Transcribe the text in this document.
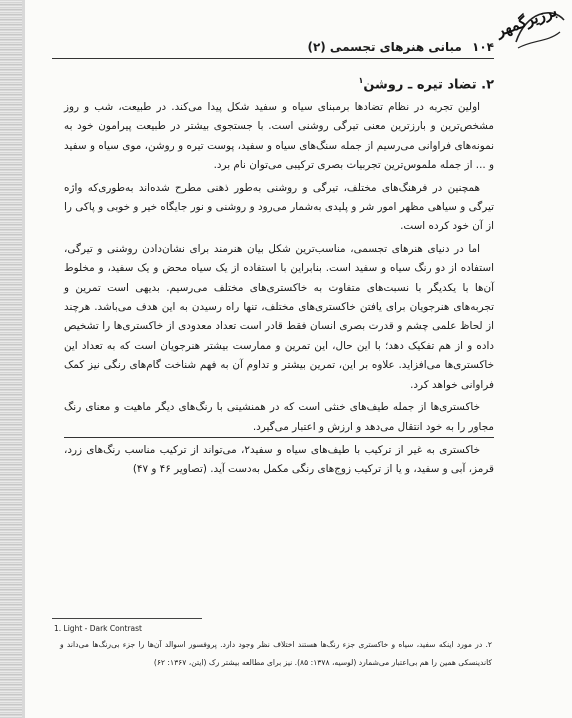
برزیرگمهر
۱۰۴ مبانی هنرهای تجسمی (۲)
۲. تضاد تیره ـ روشن$^۱$

اولین تجربه در نظام تضادها برمبنای سیاه و سفید شکل پیدا می‌کند. در طبیعت، شب و روز مشخص‌ترین و بارزترین معنی تیرگی روشنی است. با جستجوی بیشتر در طبیعت پیرامون خود به نمونه‌های فراوانی می‌رسیم از جمله سنگ‌های سیاه و سفید، پوست تیره و روشن، موی سیاه و سفید و ... از جمله ملموس‌ترین تجربیات بصری ترکیبی می‌توان نام برد.

همچنین در فرهنگ‌های مختلف، تیرگی و روشنی به‌طور ذهنی مطرح شده‌اند به‌طوری‌که واژه تیرگی و سیاهی مظهر امور شر و پلیدی به‌شمار می‌رود و روشنی و نور جایگاه خیر و خوبی و پاکی را از آن خود کرده است.

اما در دنیای هنرهای تجسمی، مناسب‌ترین شکل بیان هنرمند برای نشان‌دادن روشنی و تیرگی، استفاده از دو رنگ سیاه و سفید است. بنابراین با استفاده از یک سیاه محض و یک سفید، و مخلوط آن‌ها با یکدیگر با نسبت‌های متفاوت به خاکستری‌های مختلف می‌رسیم. بدیهی است تمرین و تجربه‌های هنرجویان برای یافتن خاکستری‌های مختلف، تنها راه رسیدن به این هدف می‌باشد. هرچند از لحاظ علمی چشم و قدرت بصری انسان فقط قادر است تعداد معدودی از خاکستری‌ها را تشخیص داده و از هم تفکیک دهد؛ با این حال، این تمرین و ممارست بیشتر هنرجویان است که به تعداد این خاکستری‌ها می‌افزاید. علاوه بر این، تمرین بیشتر و تداوم آن به فهم شناخت گام‌های رنگی نیز کمک فراوانی خواهد کرد.

خاکستری‌ها از جمله طیف‌های خنثی است که در همنشینی با رنگ‌های دیگر ماهیت و معنای رنگ مجاور را به خود انتقال می‌دهد و ارزش و اعتبار می‌گیرد.

خاکستری به غیر از ترکیب با طیف‌های سیاه و سفید۲، می‌تواند از ترکیب مناسب رنگ‌های زرد، قرمز، آبی و سفید، و یا از ترکیب زوج‌های رنگی مکمل به‌دست آید. (تصاویر ۴۶ و ۴۷)

1. Light - Dark Contrast
۲. در مورد اینکه سفید، سیاه و خاکستری جزء رنگ‌ها هستند اختلاف نظر وجود دارد. پروفسور اسوالد آن‌ها را جزء بی‌رنگ‌ها می‌داند و کاندینسکی همین را هم بی‌اعتبار می‌شمارد (لوسیه، ۱۳۷۸: ۸۵). نیز برای مطالعه بیشتر رک (ایتن، ۱۳۶۷: ۶۲)
